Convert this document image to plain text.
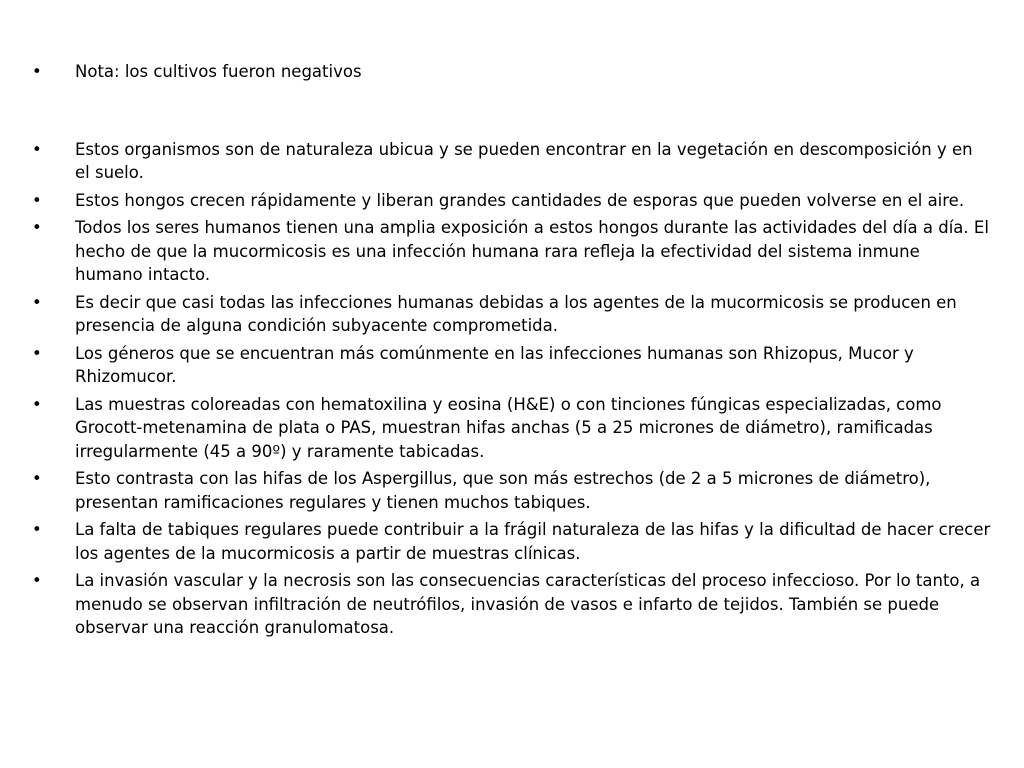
•	Nota: los cultivos fueron negativos
•	Estos organismos son de naturaleza ubicua y se pueden encontrar en la vegetación en descomposición y en el suelo.
•	Estos hongos crecen rápidamente y liberan grandes cantidades de esporas que pueden volverse en el aire.
•	Todos los seres humanos tienen una amplia exposición a estos hongos durante las actividades del día a día. El hecho de que la mucormicosis es una infección humana rara refleja la efectividad del sistema inmune humano intacto.
•	Es decir que casi todas las infecciones humanas debidas a los agentes de la mucormicosis se producen en presencia de alguna condición subyacente comprometida.
•	Los géneros que se encuentran más comúnmente en las infecciones humanas son Rhizopus, Mucor y Rhizomucor.
•	Las muestras coloreadas con hematoxilina y eosina (H&E) o con tinciones fúngicas especializadas, como Grocott-metenamina de plata o PAS, muestran hifas anchas (5 a 25 micrones de diámetro), ramificadas irregularmente (45 a 90º) y raramente tabicadas.
•	Esto contrasta con las hifas de los Aspergillus, que son más estrechos (de 2 a 5 micrones de diámetro), presentan ramificaciones regulares y tienen muchos tabiques.
•	La falta de tabiques regulares puede contribuir a la frágil naturaleza de las hifas y la dificultad de hacer crecer los agentes de la mucormicosis a partir de muestras clínicas.
•	La invasión vascular y la necrosis son las consecuencias características del proceso infeccioso. Por lo tanto, a menudo se observan infiltración de neutrófilos, invasión de vasos e infarto de tejidos. También se puede observar una reacción granulomatosa.
